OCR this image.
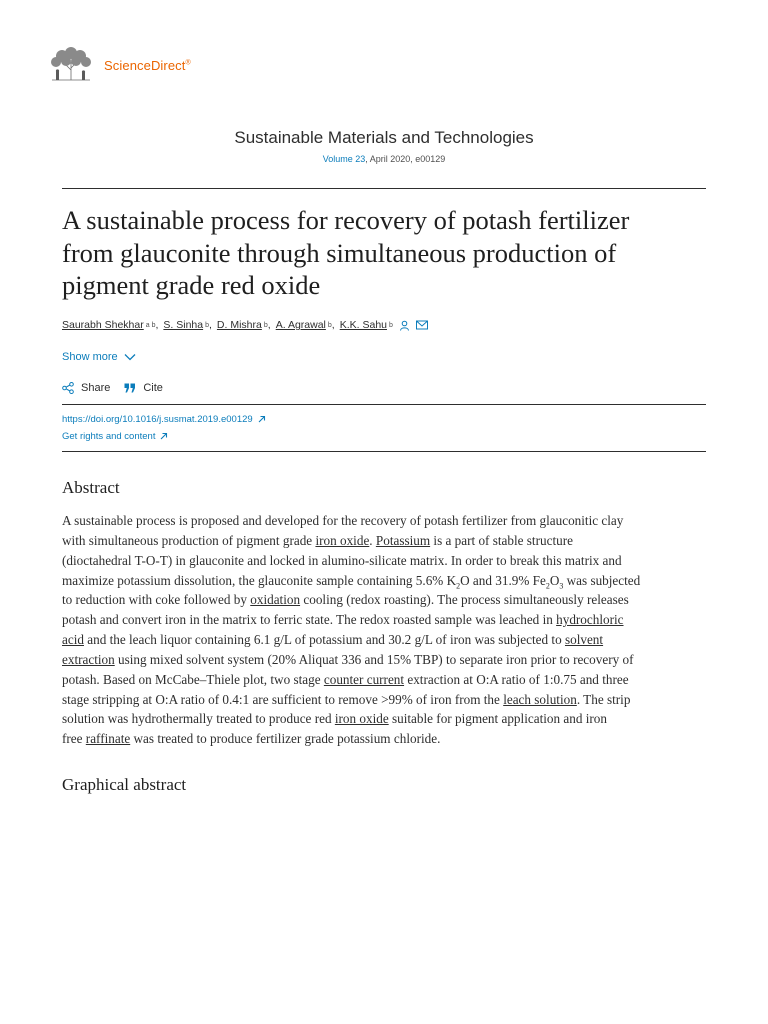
ScienceDirect®
Sustainable Materials and Technologies
Volume 23, April 2020, e00129
A sustainable process for recovery of potash fertilizer
from glauconite through simultaneous production of
pigment grade red oxide
Saurabh Shekhar a b , S. Sinha b , D. Mishra b , A. Agrawal b , K.K. Sahu b
Show more
Share	Cite
https://doi.org/10.1016/j.susmat.2019.e00129
Get rights and content
Abstract
A sustainable process is proposed and developed for the recovery of potash fertilizer from glauconitic clay
with simultaneous production of pigment grade iron oxide. Potassium is a part of stable structure
(dioctahedral T-O-T) in glauconite and locked in alumino-silicate matrix. In order to break this matrix and
maximize potassium dissolution, the glauconite sample containing 5.6% $K_2O$ and 31.9% $Fe_2O_3$ was subjected
to reduction with coke followed by oxidation cooling (redox roasting). The process simultaneously releases
potash and convert iron in the matrix to ferric state. The redox roasted sample was leached in hydrochloric
acid and the leach liquor containing 6.1 g/L of potassium and 30.2 g/L of iron was subjected to solvent
extraction using mixed solvent system (20% Aliquat 336 and 15% TBP) to separate iron prior to recovery of
potash. Based on McCabe–Thiele plot, two stage counter current extraction at O:A ratio of 1:0.75 and three
stage stripping at O:A ratio of 0.4:1 are sufficient to remove >99% of iron from the leach solution. The strip
solution was hydrothermally treated to produce red iron oxide suitable for pigment application and iron
free raffinate was treated to produce fertilizer grade potassium chloride.
Graphical abstract
